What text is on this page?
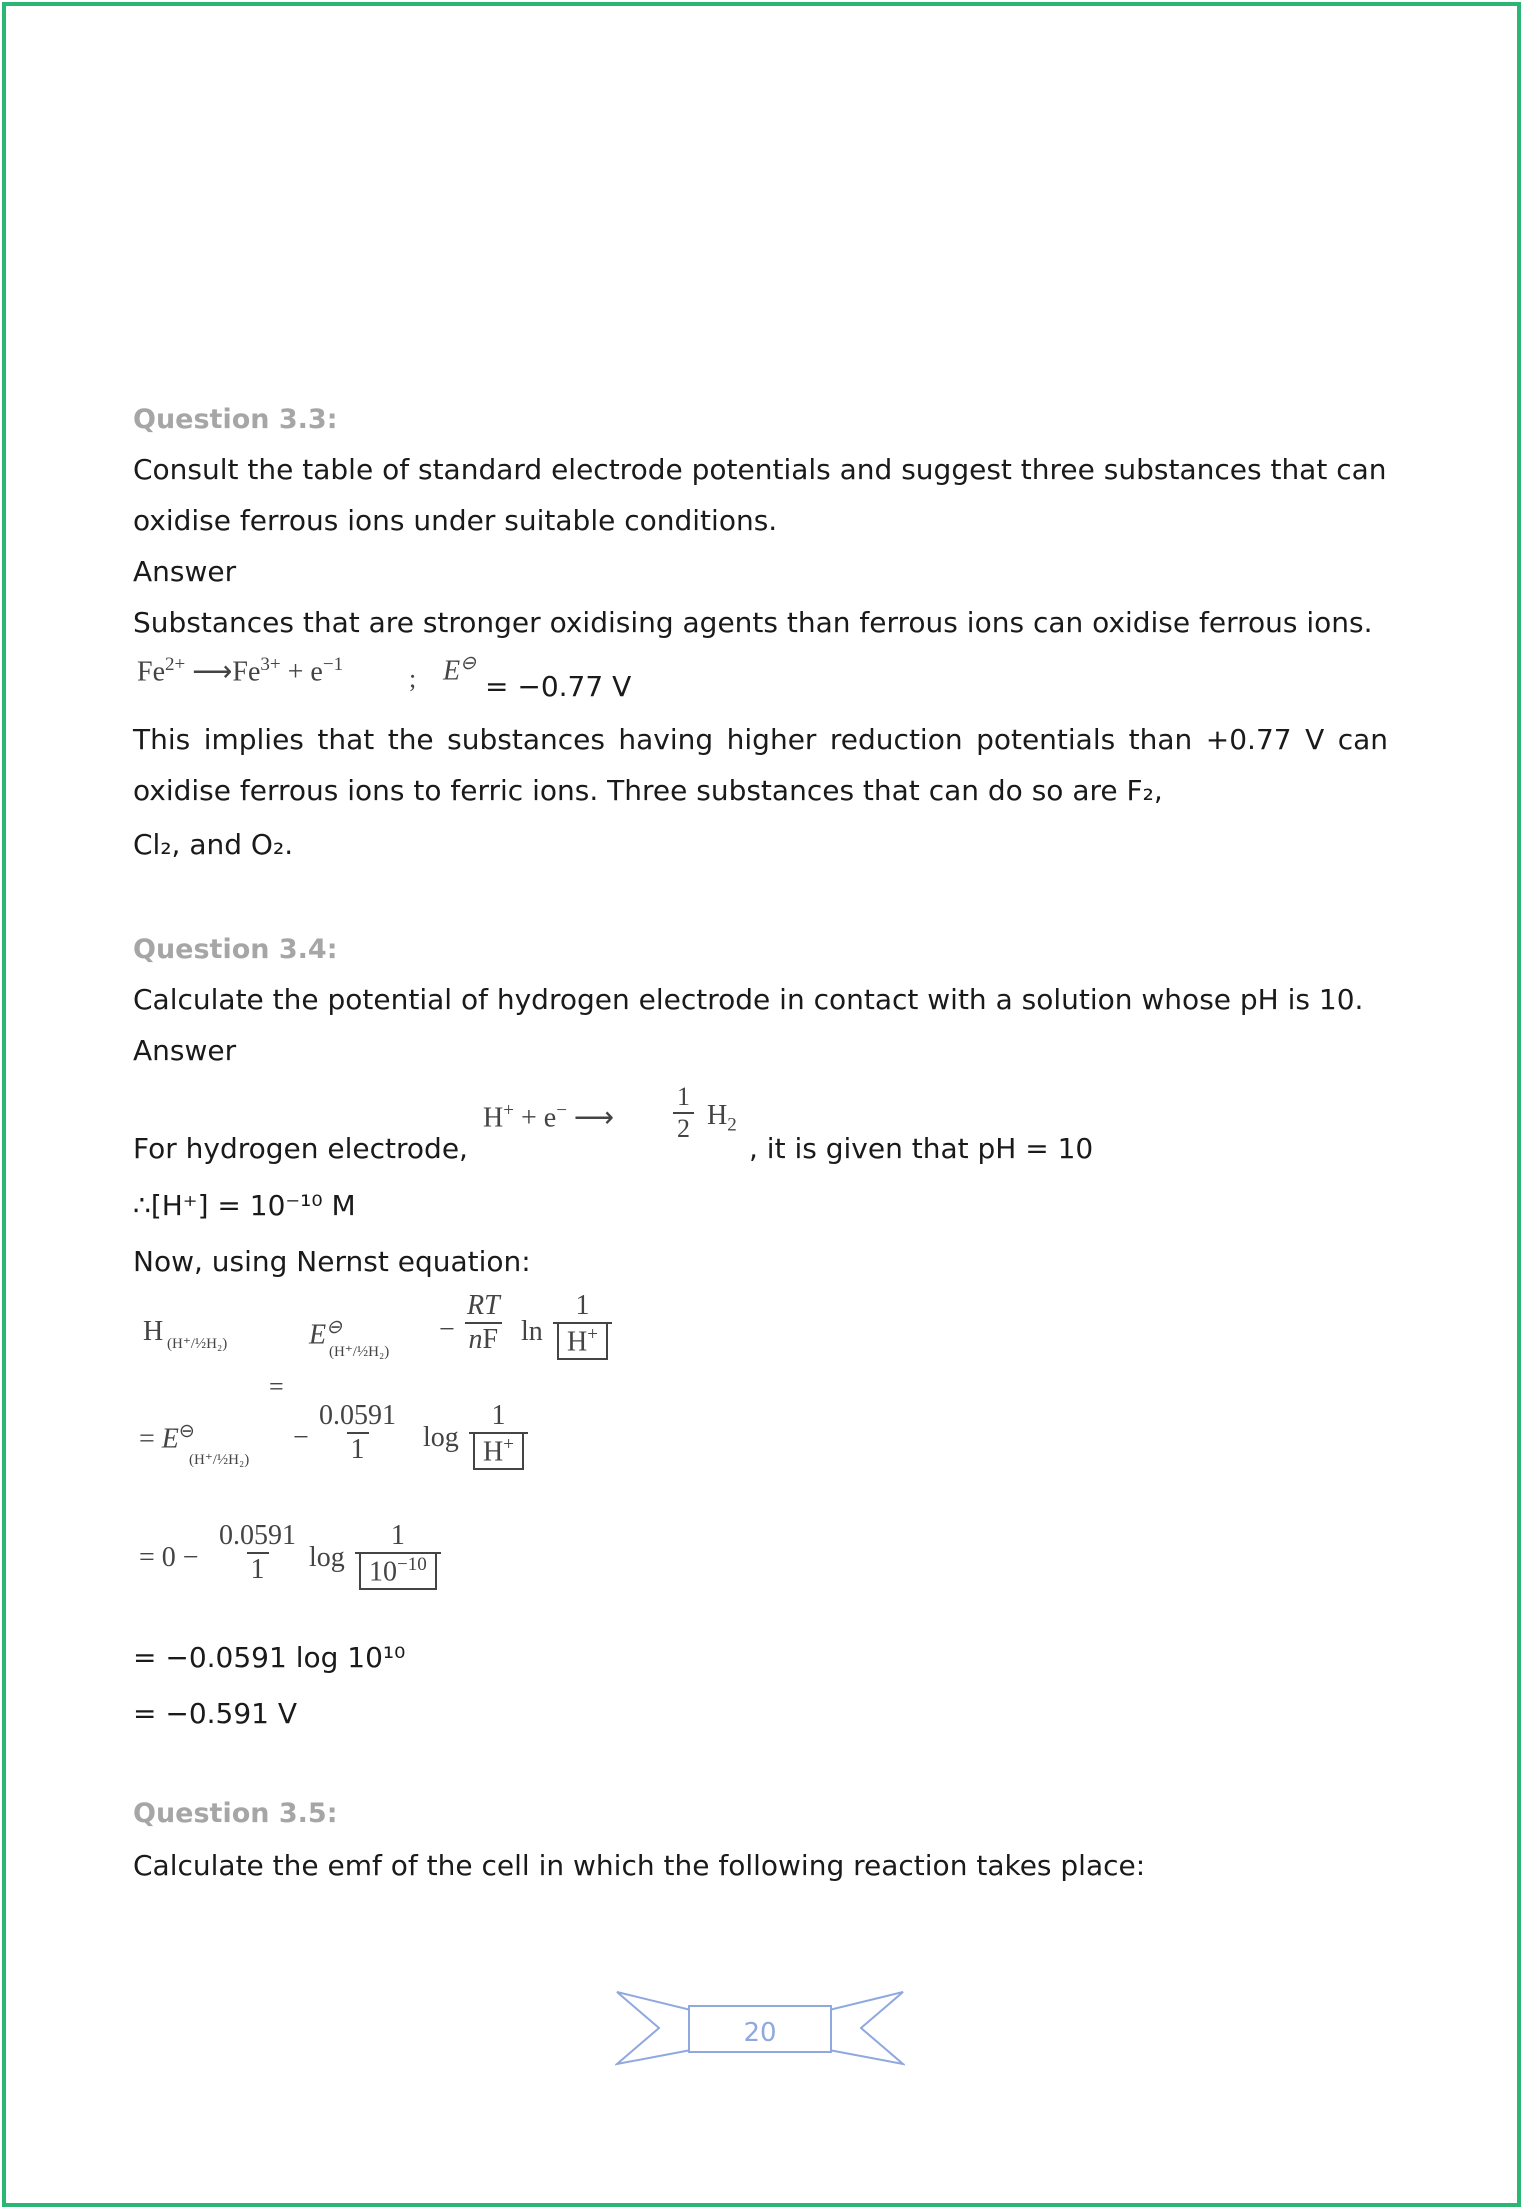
Question 3.3:

Consult the table of standard electrode potentials and suggest three substances that can

oxidise ferrous ions under suitable conditions.

Answer

Substances that are stronger oxidising agents than ferrous ions can oxidise ferrous ions.

$Fe^{2+}$ $⟶Fe^{3+} + e^{-1}$	; E⊖
= −0.77 V

This implies that the substances having higher reduction potentials than +0.77 V can

oxidise ferrous ions to ferric ions. Three substances that can do so are F₂,

Cl₂, and O₂.

Question 3.4:

Calculate the potential of hydrogen electrode in contact with a solution whose pH is 10.

Answer

For hydrogen electrode,
H+ + e− ⟶ $\frac{1}{2} H_2$
, it is given that pH = 10

∴[H⁺] = 10⁻¹⁰ M

Now, using Nernst equation:

H (H⁺/½H₂)
=
E⊖
(H⁺/½H₂)
− $\frac{RT}{nF}$ $\ln \frac{1}{H^+}$
= E⊖
(H⁺/½H₂)
− $\frac{0.0591}{1}$ $\log \frac{1}{H^+}$
= $0 - \frac{0.0591}{1}$ $\log \frac{1}{10^{-10}}$

= −0.0591 log 10¹⁰

= −0.591 V

Question 3.5:

Calculate the emf of the cell in which the following reaction takes place:

20
